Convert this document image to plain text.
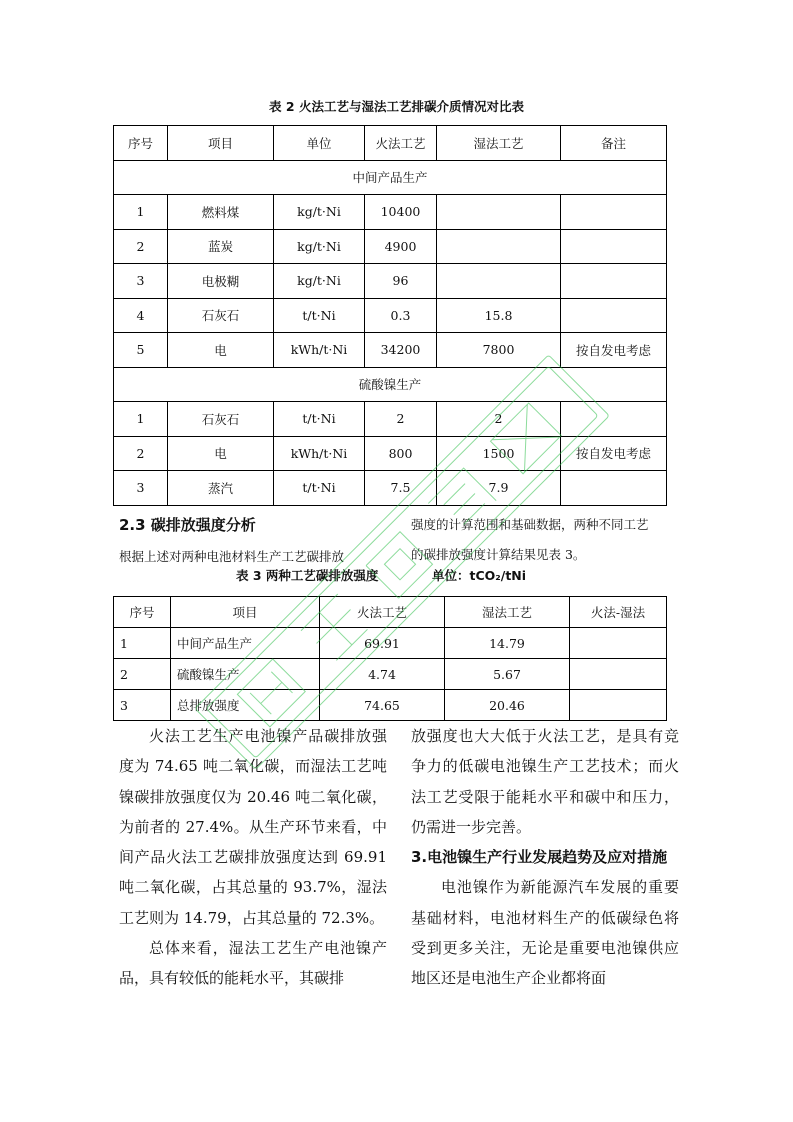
表 2 火法工艺与湿法工艺排碳介质情况对比表
序号	项目	单位	火法工艺	湿法工艺	备注
中间产品生产					
1	燃料煤	kg/t·Ni	10400		
2	蓝炭	kg/t·Ni	4900		
3	电极糊	kg/t·Ni	96		
4	石灰石	t/t·Ni	0.3	15.8	
5	电	kWh/t·Ni	34200	7800	按自发电考虑
硫酸镍生产					
1	石灰石	t/t·Ni	2	2	
2	电	kWh/t·Ni	800	1500	按自发电考虑
3	蒸汽	t/t·Ni	7.5	7.9	
2.3 碳排放强度分析
根据上述对两种电池材料生产工艺碳排放
强度的计算范围和基础数据，两种不同工艺
的碳排放强度计算结果见表 3。
表 3 两种工艺碳排放强度	单位：tCO₂/tNi
序号	项目	火法工艺	湿法工艺	火法-湿法
1	中间产品生产	69.91	14.79	
2	硫酸镍生产	4.74	5.67	
3	总排放强度	74.65	20.46	

火法工艺生产电池镍产品碳排放强度为 74.65 吨二氧化碳，而湿法工艺吨镍碳排放强度仅为 20.46 吨二氧化碳，为前者的 27.4%。从生产环节来看，中间产品火法工艺碳排放强度达到 69.91 吨二氧化碳，占其总量的 93.7%，湿法工艺则为 14.79，占其总量的 72.3%。

总体来看，湿法工艺生产电池镍产品，具有较低的能耗水平，其碳排

放强度也大大低于火法工艺，是具有竞争力的低碳电池镍生产工艺技术；而火法工艺受限于能耗水平和碳中和压力，仍需进一步完善。

3.电池镍生产行业发展趋势及应对措施

电池镍作为新能源汽车发展的重要基础材料，电池材料生产的低碳绿色将受到更多关注，无论是重要电池镍供应地区还是电池生产企业都将面
